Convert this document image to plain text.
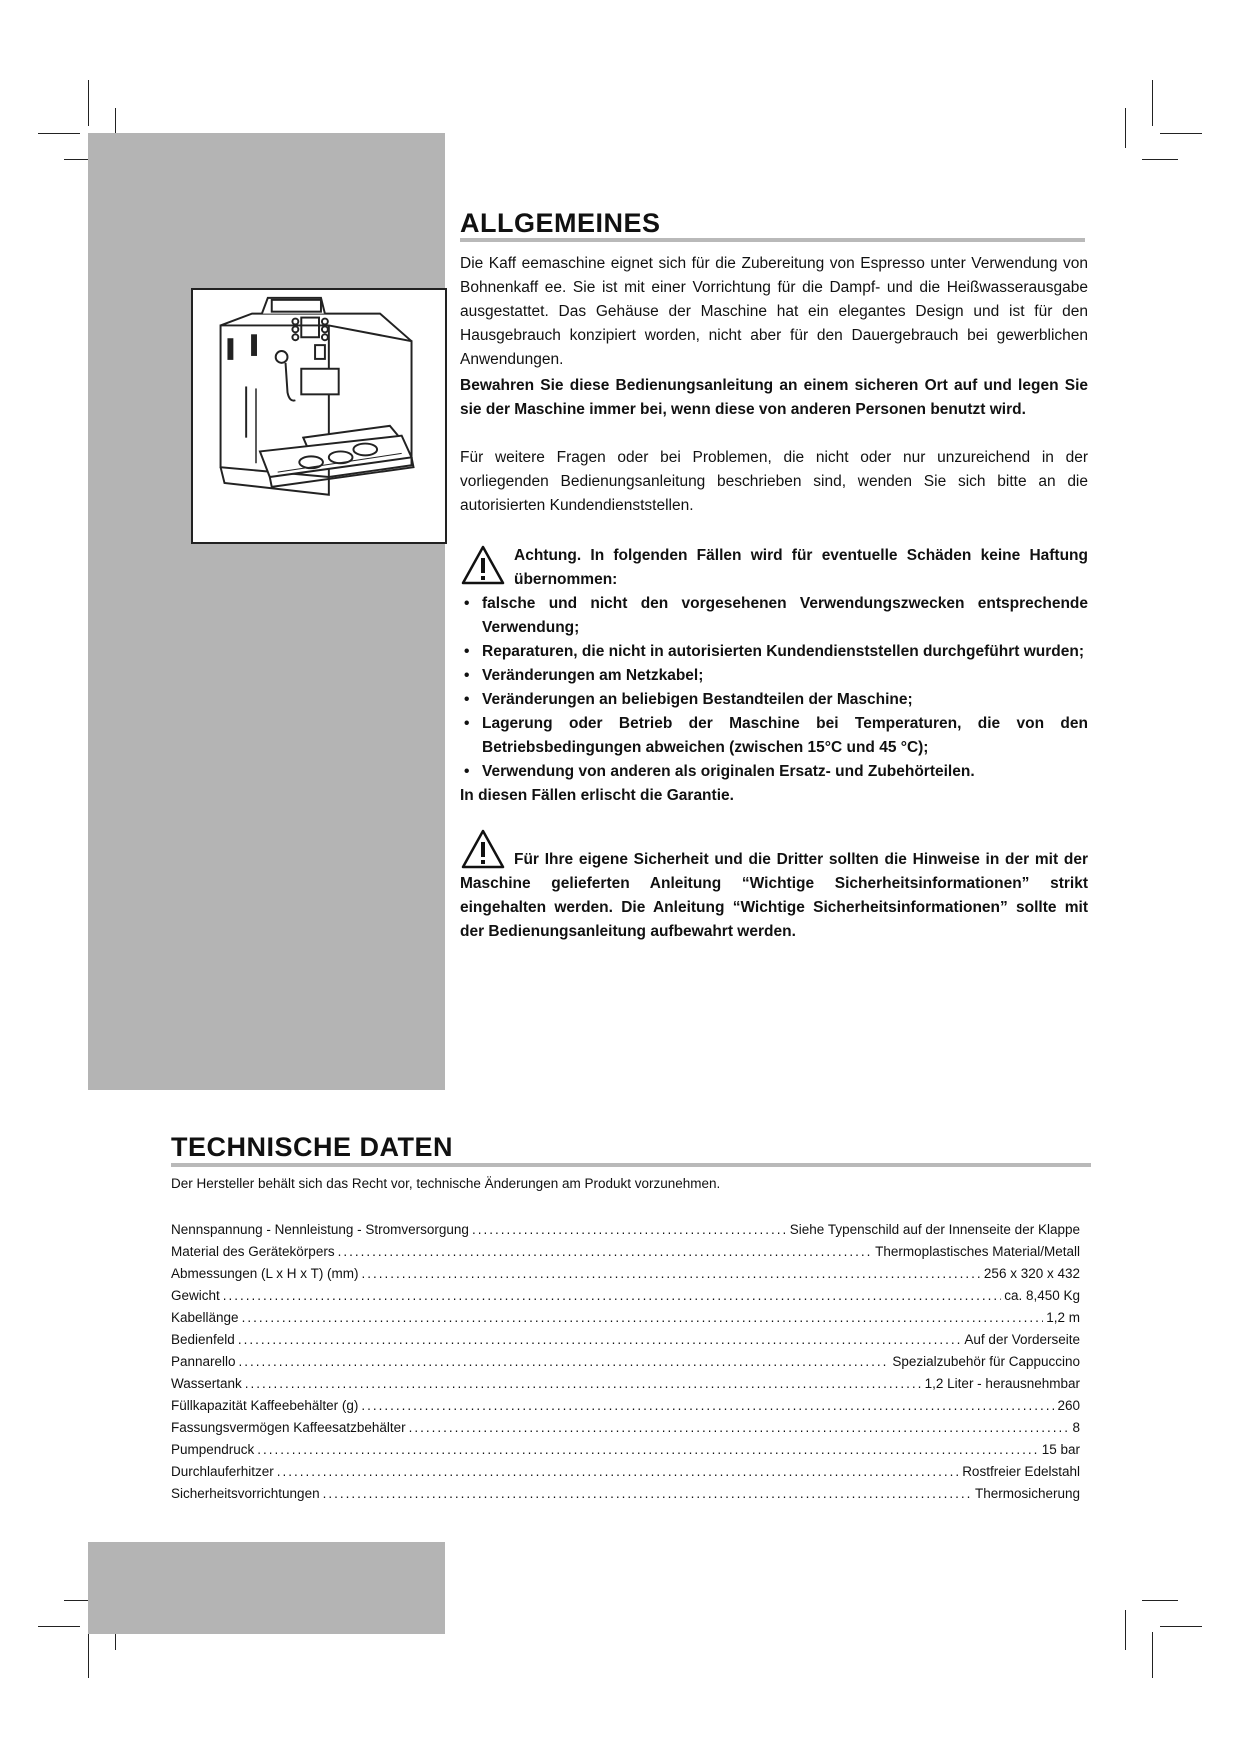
ALLGEMEINES

Die Kaff eemaschine eignet sich für die Zubereitung von Espresso unter Verwendung von Bohnenkaff ee. Sie ist mit einer Vorrichtung für die Dampf- und die Heißwasserausgabe ausgestattet. Das Gehäuse der Maschine hat ein elegantes Design und ist für den Hausgebrauch konzipiert worden, nicht aber für den Dauergebrauch bei gewerblichen Anwendungen.

Bewahren Sie diese Bedienungsanleitung an einem sicheren Ort auf und legen Sie sie der Maschine immer bei, wenn diese von anderen Personen benutzt wird.

Für weitere Fragen oder bei Problemen, die nicht oder nur unzureichend in der vorliegenden Bedienungsanleitung beschrieben sind, wenden Sie sich bitte an die autorisierten Kundendienststellen.

Achtung. In folgenden Fällen wird für eventuelle Schäden keine Haftung übernommen:
• falsche und nicht den vorgesehenen Verwendungszwecken entsprechende Verwendung;
• Reparaturen, die nicht in autorisierten Kundendienststellen durchgeführt wurden;
• Veränderungen am Netzkabel;
• Veränderungen an beliebigen Bestandteilen der Maschine;
• Lagerung oder Betrieb der Maschine bei Temperaturen, die von den Betriebsbedingungen abweichen (zwischen 15°C und 45 °C);
• Verwendung von anderen als originalen Ersatz- und Zubehörteilen.
In diesen Fällen erlischt die Garantie.
Für Ihre eigene Sicherheit und die Dritter sollten die Hinweise in der mit der Maschine gelieferten Anleitung “Wichtige Sicherheitsinformationen” strikt eingehalten werden. Die Anleitung “Wichtige Sicherheitsinformationen” sollte mit der Bedienungsanleitung aufbewahrt werden.
TECHNISCHE DATEN
Der Hersteller behält sich das Recht vor, technische Änderungen am Produkt vorzunehmen.
Nennspannung - Nennleistung - Stromversorgung .....	Siehe Typenschild auf der Innenseite der Klappe
Material des Gerätekörpers .....	Thermoplastisches Material/Metall
Abmessungen (L x H x T) (mm) .....	256 x 320 x 432
Gewicht .....	ca. 8,450 Kg
Kabellänge .....	1,2 m
Bedienfeld .....	Auf der Vorderseite
Pannarello .....	Spezialzubehör für Cappuccino
Wassertank .....	1,2 Liter - herausnehmbar
Füllkapazität Kaffeebehälter (g) .....	260
Fassungsvermögen Kaffeesatzbehälter .....	8
Pumpendruck .....	15 bar
Durchlauferhitzer .....	Rostfreier Edelstahl
Sicherheitsvorrichtungen .....	Thermosicherung
